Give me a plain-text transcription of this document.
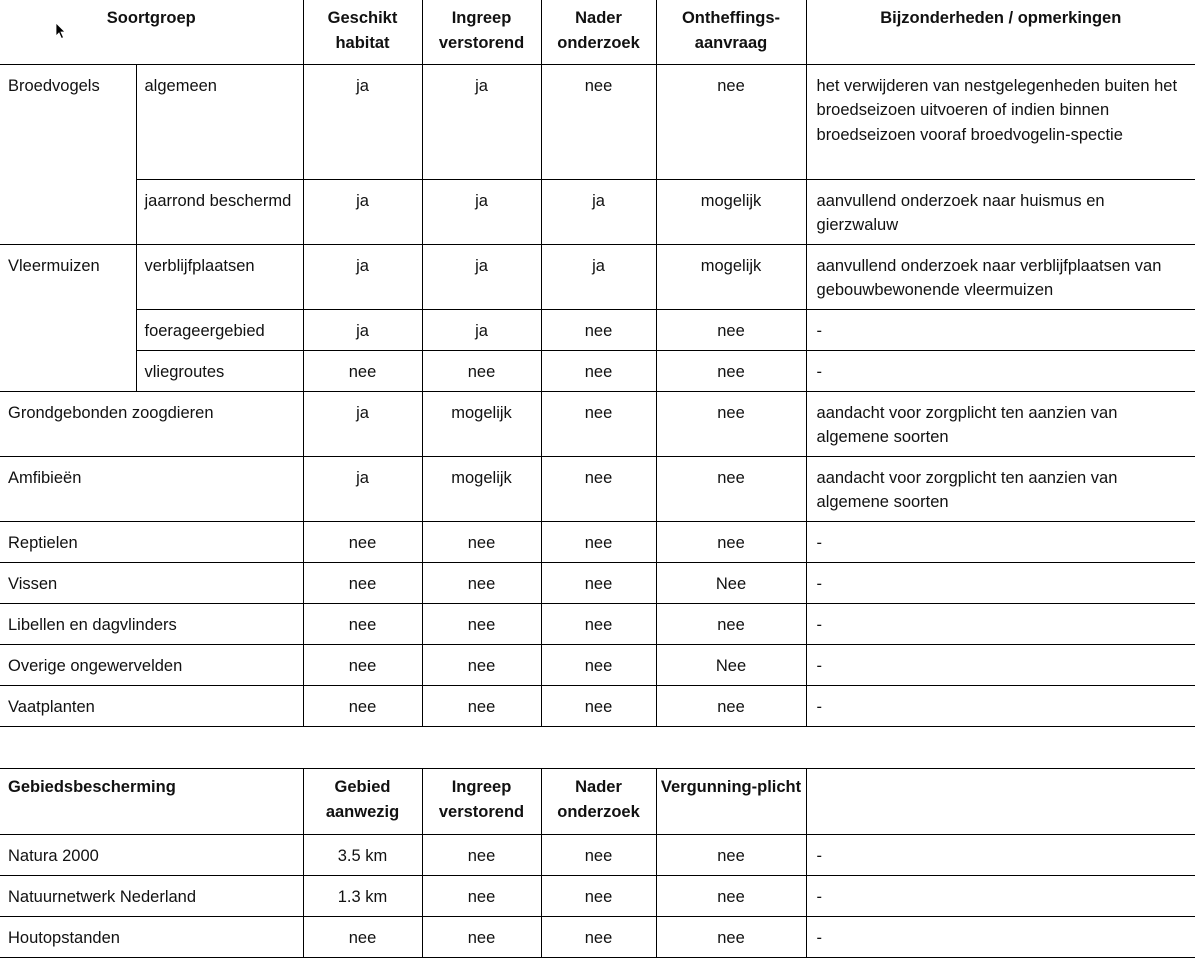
Soortgroep		Geschikt habitat	Ingreep verstorend	Nader onderzoek	Ontheffings-aanvraag	Bijzonderheden / opmerkingen
Broedvogels	algemeen	ja	ja	nee	nee	het verwijderen van nestgelegenheden buiten het broedseizoen uitvoeren of indien binnen broedseizoen vooraf broedvogelin-spectie
	jaarrond beschermd	ja	ja	ja	mogelijk	aanvullend onderzoek naar huismus en gierzwaluw
Vleermuizen	verblijfplaatsen	ja	ja	ja	mogelijk	aanvullend onderzoek naar verblijfplaatsen van gebouwbewonende vleermuizen
	foerageergebied	ja	ja	nee	nee	-
	vliegroutes	nee	nee	nee	nee	-
Grondgebonden zoogdieren		ja	mogelijk	nee	nee	aandacht voor zorgplicht ten aanzien van algemene soorten
Amfibieën		ja	mogelijk	nee	nee	aandacht voor zorgplicht ten aanzien van algemene soorten
Reptielen		nee	nee	nee	nee	-
Vissen		nee	nee	nee	Nee	-
Libellen en dagvlinders		nee	nee	nee	nee	-
Overige ongewervelden		nee	nee	nee	Nee	-
Vaatplanten		nee	nee	nee	nee	-
Gebiedsbescherming	Gebied aanwezig	Ingreep verstorend	Nader onderzoek	Vergunning-plicht	
Natura 2000	3.5 km	nee	nee	nee	-
Natuurnetwerk Nederland	1.3 km	nee	nee	nee	-
Houtopstanden	nee	nee	nee	nee	-
